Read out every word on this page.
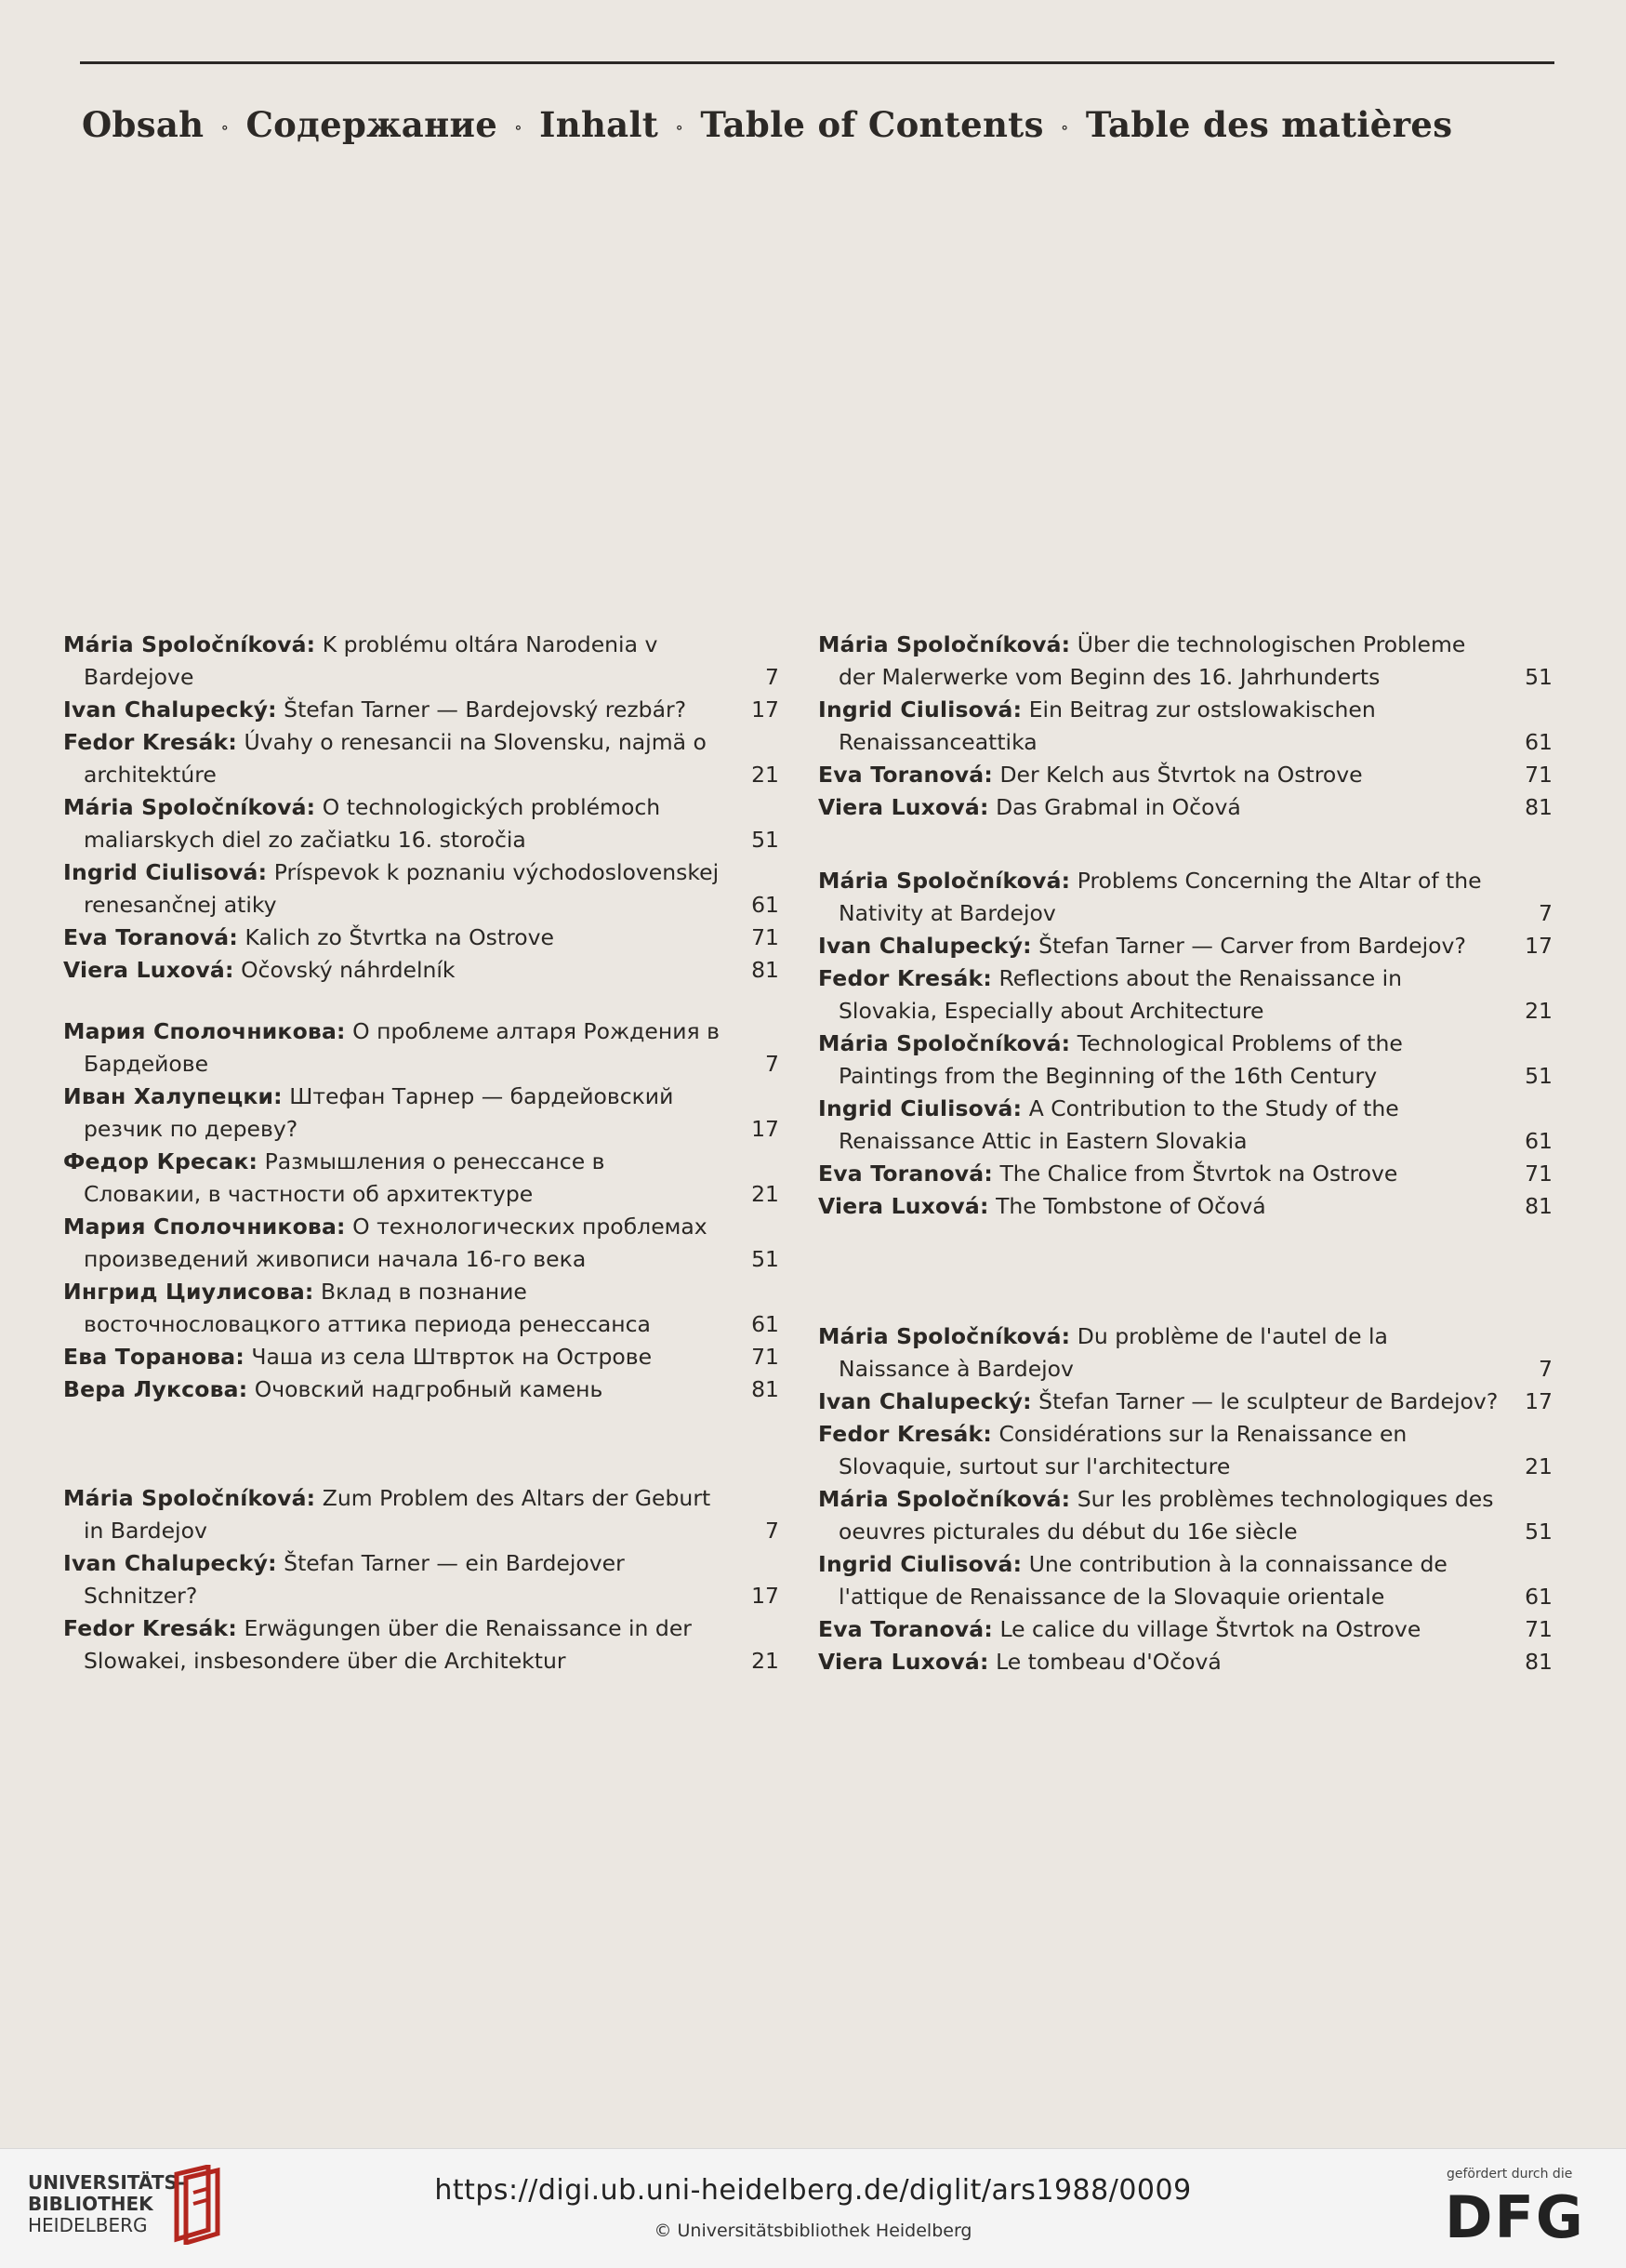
Obsah ∘ Содержание ∘ Inhalt ∘ Table of Contents ∘ Table des matières
Mária Spoločníková: K problému oltára Narodenia v Bardejove	7
Ivan Chalupecký: Štefan Tarner — Bardejovský rezbár?	17
Fedor Kresák: Úvahy o renesancii na Slovensku, najmä o architektúre	21
Mária Spoločníková: O technologických problémoch maliarskych diel zo začiatku 16. storočia	51
Ingrid Ciulisová: Príspevok k poznaniu východoslovenskej renesančnej atiky	61
Eva Toranová: Kalich zo Štvrtka na Ostrove	71
Viera Luxová: Očovský náhrdelník	81
Мария Сполочникова: О проблеме алтаря Рождения в Бардейове	7
Иван Халупецки: Штефан Тарнер — бардейовский резчик по дереву?	17
Федор Кресак: Размышления о ренессансе в Словакии, в частности об архитектуре	21
Мария Сполочникова: О технологических проблемах произведений живописи начала 16-го века	51
Ингрид Циулисова: Вклад в познание восточнословацкого аттика периода ренессанса	61
Ева Торанова: Чаша из села Штвртoк на Острове	71
Вера Луксова: Очовский надгробный камень	81
Mária Spoločníková: Zum Problem des Altars der Geburt in Bardejov	7
Ivan Chalupecký: Štefan Tarner — ein Bardejover Schnitzer?	17
Fedor Kresák: Erwägungen über die Renaissance in der Slowakei, insbesondere über die Architektur	21
Mária Spoločníková: Über die technologischen Probleme der Malerwerke vom Beginn des 16. Jahrhunderts	51
Ingrid Ciulisová: Ein Beitrag zur ostslowakischen Renaissanceattika	61
Eva Toranová: Der Kelch aus Štvrtok na Ostrove	71
Viera Luxová: Das Grabmal in Očová	81
Mária Spoločníková: Problems Concerning the Altar of the Nativity at Bardejov	7
Ivan Chalupecký: Štefan Tarner — Carver from Bardejov?	17
Fedor Kresák: Reflections about the Renaissance in Slovakia, Especially about Architecture	21
Mária Spoločníková: Technological Problems of the Paintings from the Beginning of the 16th Century	51
Ingrid Ciulisová: A Contribution to the Study of the Renaissance Attic in Eastern Slovakia	61
Eva Toranová: The Chalice from Štvrtok na Ostrove	71
Viera Luxová: The Tombstone of Očová	81
Mária Spoločníková: Du problème de l'autel de la Naissance à Bardejov	7
Ivan Chalupecký: Štefan Tarner — le sculpteur de Bardejov?	17
Fedor Kresák: Considérations sur la Renaissance en Slovaquie, surtout sur l'architecture	21
Mária Spoločníková: Sur les problèmes technologiques des oeuvres picturales du début du 16e siècle	51
Ingrid Ciulisová: Une contribution à la connaissance de l'attique de Renaissance de la Slovaquie orientale	61
Eva Toranová: Le calice du village Štvrtok na Ostrove	71
Viera Luxová: Le tombeau d'Očová	81
UNIVERSITÄTS-
BIBLIOTHEK
HEIDELBERG
https://digi.ub.uni-heidelberg.de/diglit/ars1988/0009
© Universitätsbibliothek Heidelberg
gefördert durch die
DFG
